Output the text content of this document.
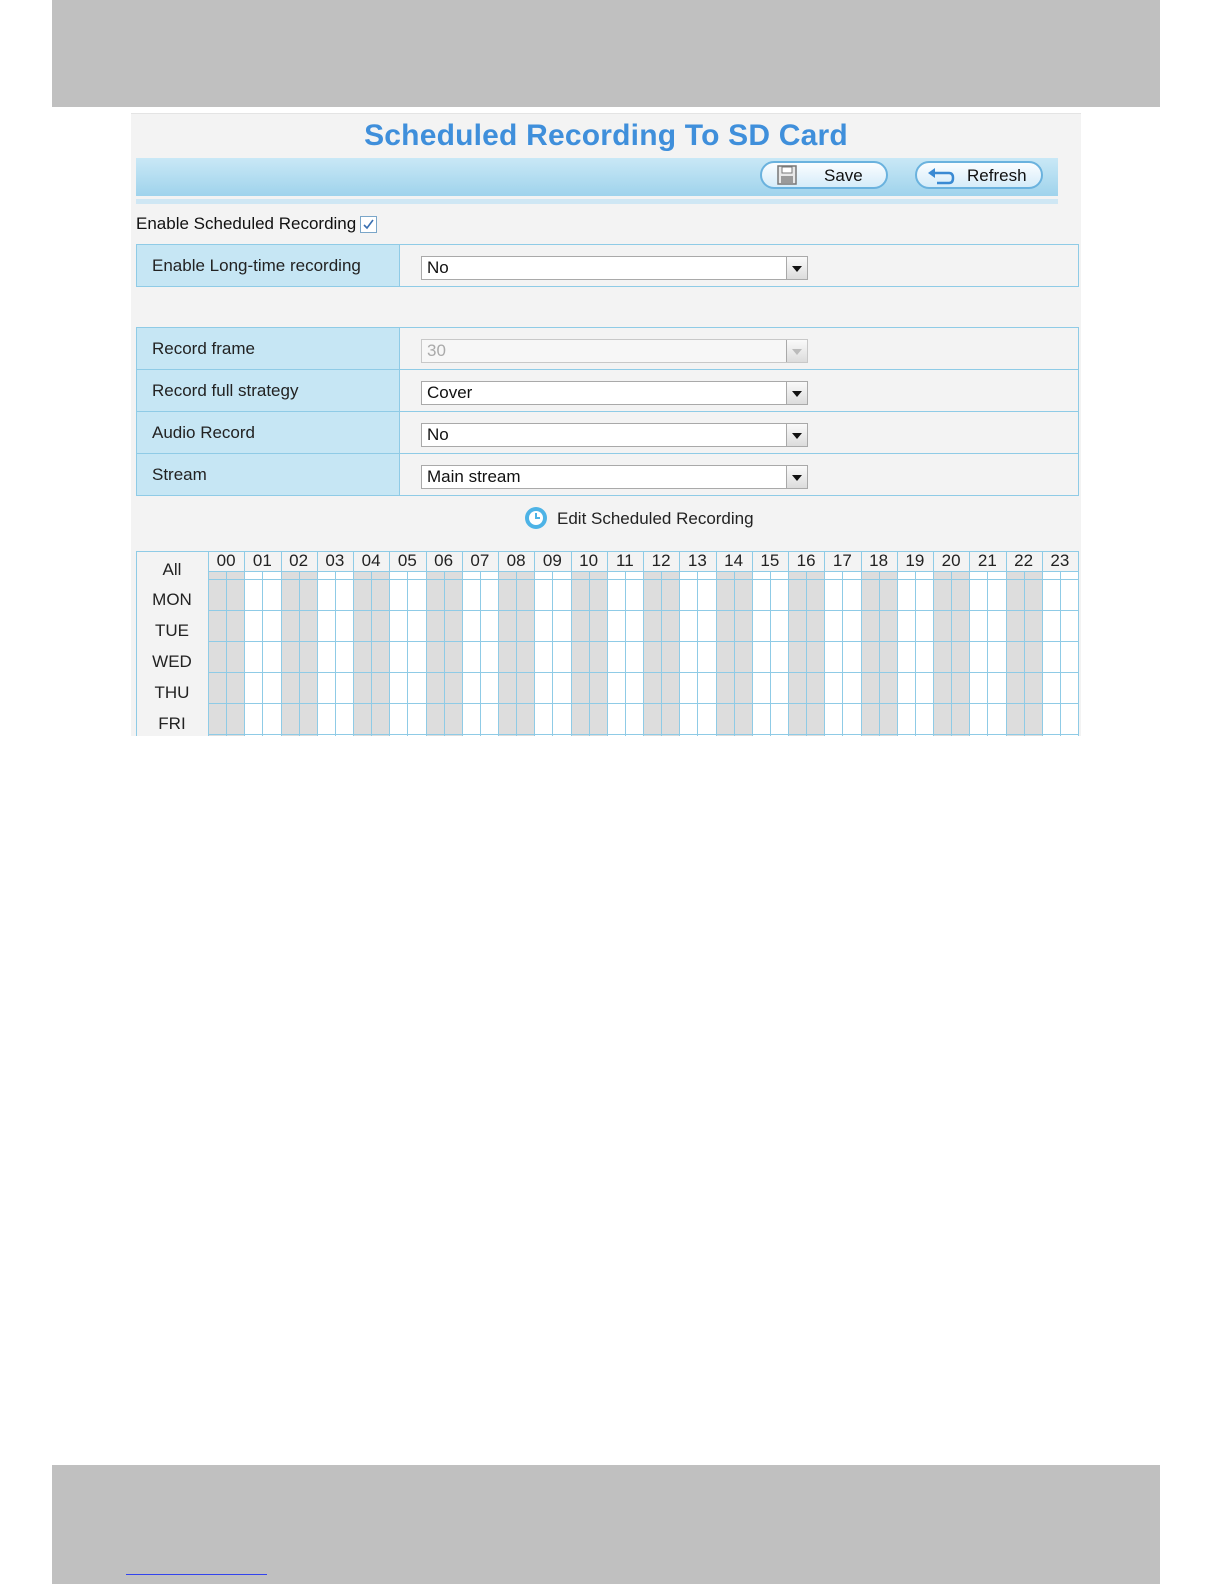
Scheduled Recording To SD Card
Save	Refresh
Enable Scheduled Recording
Enable Long-time recording	No
Record frame	30

Record full strategy	Cover

Audio Record	No

Stream	Main stream
Edit Scheduled Recording
All	00	01	02	03	04	05	06	07	08	09	10	11	12	13	14	15	16	17	18	19	20	21	22	23
MON
TUE
WED
THU
FRI
